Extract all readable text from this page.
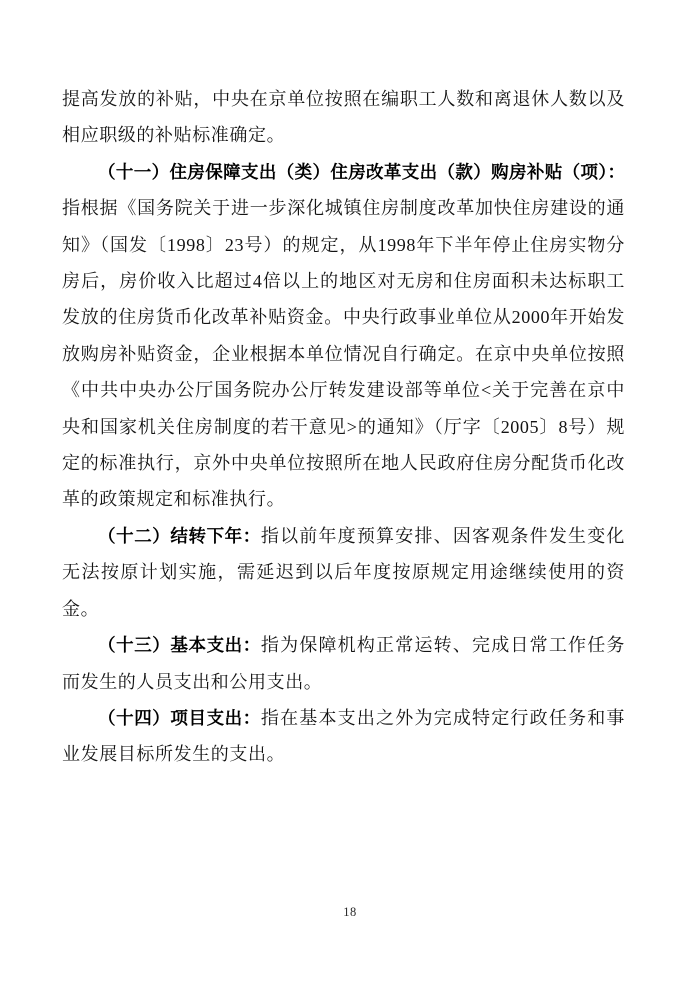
提高发放的补贴，中央在京单位按照在编职工人数和离退休人数以及相应职级的补贴标准确定。

（十一）住房保障支出（类）住房改革支出（款）购房补贴（项）：指根据《国务院关于进一步深化城镇住房制度改革加快住房建设的通知》（国发〔1998〕23号）的规定，从1998年下半年停止住房实物分房后，房价收入比超过4倍以上的地区对无房和住房面积未达标职工发放的住房货币化改革补贴资金。中央行政事业单位从2000年开始发放购房补贴资金，企业根据本单位情况自行确定。在京中央单位按照《中共中央办公厅国务院办公厅转发建设部等单位<关于完善在京中央和国家机关住房制度的若干意见>的通知》（厅字〔2005〕8号）规定的标准执行，京外中央单位按照所在地人民政府住房分配货币化改革的政策规定和标准执行。

（十二）结转下年：指以前年度预算安排、因客观条件发生变化无法按原计划实施，需延迟到以后年度按原规定用途继续使用的资金。

（十三）基本支出：指为保障机构正常运转、完成日常工作任务而发生的人员支出和公用支出。

（十四）项目支出：指在基本支出之外为完成特定行政任务和事业发展目标所发生的支出。

18
